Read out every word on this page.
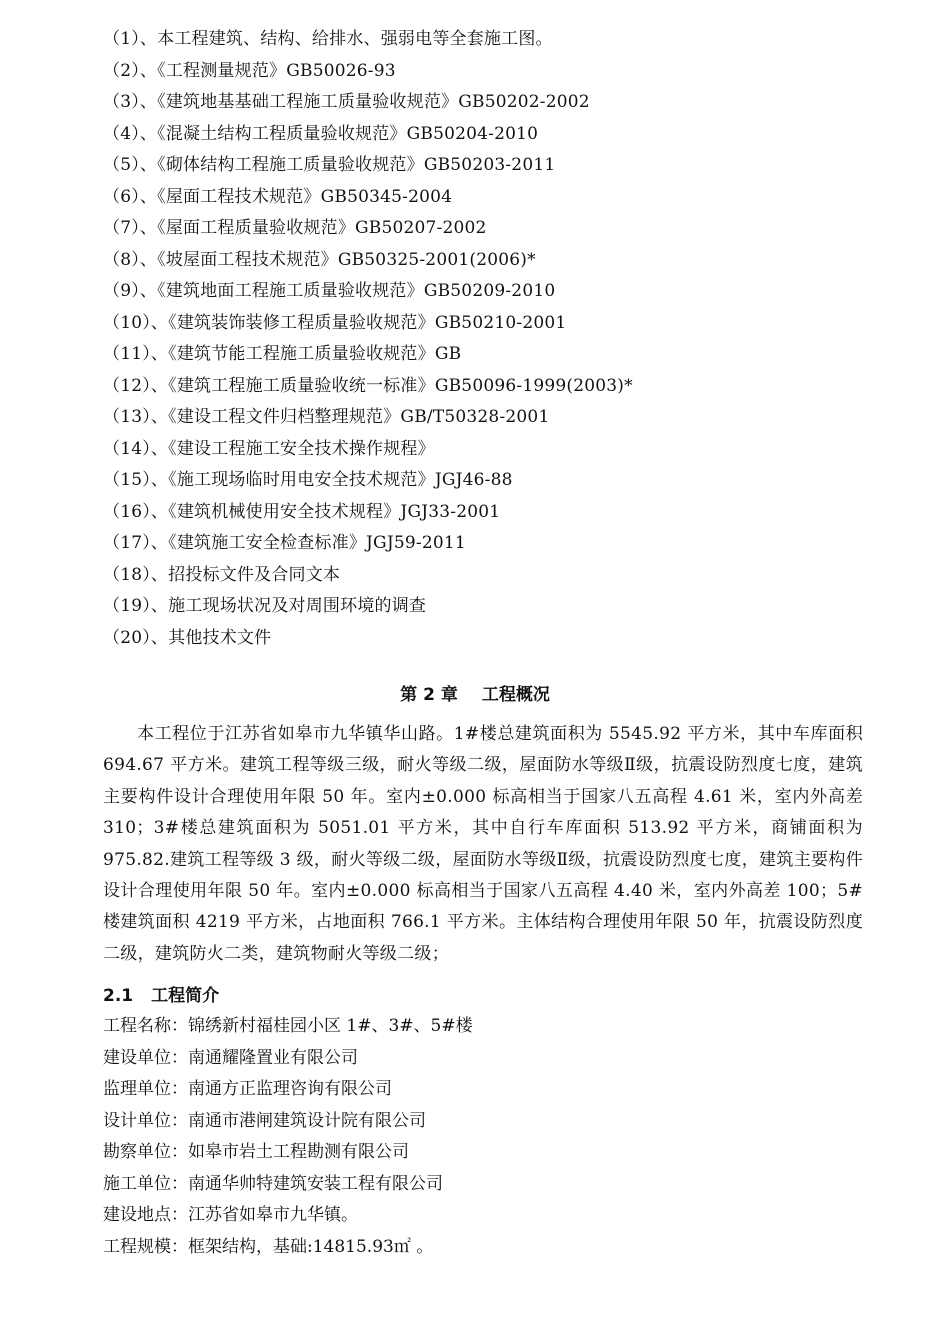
（1）、本工程建筑、结构、给排水、强弱电等全套施工图。
（2）、《工程测量规范》GB50026-93
（3）、《建筑地基基础工程施工质量验收规范》GB50202-2002
（4）、《混凝土结构工程质量验收规范》GB50204-2010
（5）、《砌体结构工程施工质量验收规范》GB50203-2011
（6）、《屋面工程技术规范》GB50345-2004
（7）、《屋面工程质量验收规范》GB50207-2002
（8）、《坡屋面工程技术规范》GB50325-2001(2006)*
（9）、《建筑地面工程施工质量验收规范》GB50209-2010
（10）、《建筑装饰装修工程质量验收规范》GB50210-2001
（11）、《建筑节能工程施工质量验收规范》GB
（12）、《建筑工程施工质量验收统一标准》GB50096-1999(2003)*
（13）、《建设工程文件归档整理规范》GB/T50328-2001
（14）、《建设工程施工安全技术操作规程》
（15）、《施工现场临时用电安全技术规范》JGJ46-88
（16）、《建筑机械使用安全技术规程》JGJ33-2001
（17）、《建筑施工安全检查标准》JGJ59-2011
（18）、招投标文件及合同文本
（19）、施工现场状况及对周围环境的调查
（20）、其他技术文件
第 2 章 工程概况

本工程位于江苏省如皋市九华镇华山路。1#楼总建筑面积为 5545.92 平方米，其中车库面积 694.67 平方米。建筑工程等级三级，耐火等级二级，屋面防水等级Ⅱ级，抗震设防烈度七度，建筑主要构件设计合理使用年限 50 年。室内±0.000 标高相当于国家八五高程 4.61 米，室内外高差 310；3#楼总建筑面积为 5051.01 平方米，其中自行车库面积 513.92 平方米，商铺面积为 975.82.建筑工程等级 3 级，耐火等级二级，屋面防水等级Ⅱ级，抗震设防烈度七度，建筑主要构件设计合理使用年限 50 年。室内±0.000 标高相当于国家八五高程 4.40 米，室内外高差 100；5#楼建筑面积 4219 平方米，占地面积 766.1 平方米。主体结构合理使用年限 50 年，抗震设防烈度二级，建筑防火二类，建筑物耐火等级二级；

2.1 工程简介
工程名称：锦绣新村福桂园小区 1#、3#、5#楼
建设单位：南通耀隆置业有限公司
监理单位：南通方正监理咨询有限公司
设计单位：南通市港闸建筑设计院有限公司
勘察单位：如皋市岩土工程勘测有限公司
施工单位：南通华帅特建筑安装工程有限公司
建设地点：江苏省如皋市九华镇。
工程规模：框架结构，基础:14815.93㎡ 。
